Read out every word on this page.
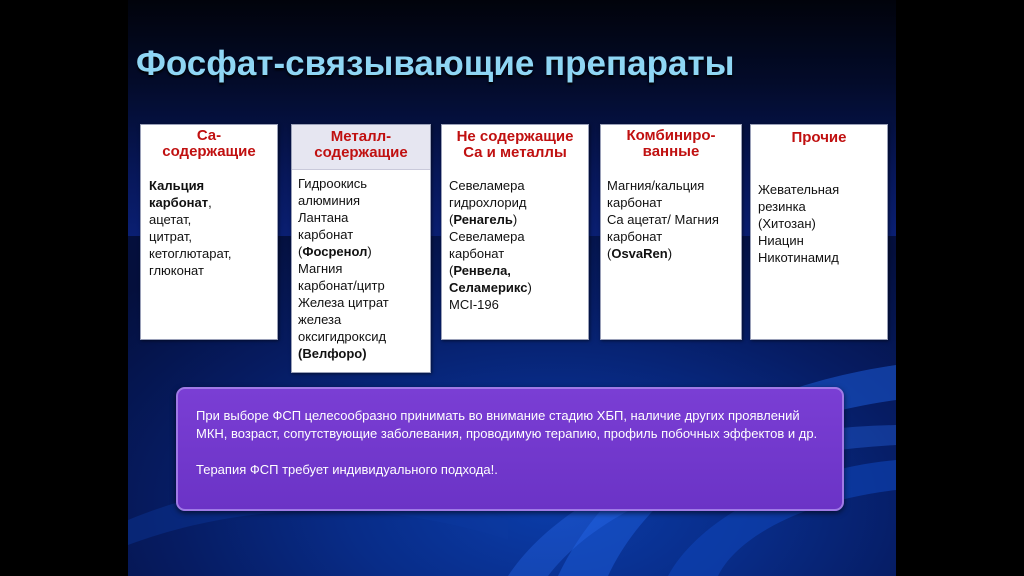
Фосфат-связывающие препараты
Ca-
содержащие
Кальция
карбонат,
ацетат,
цитрат,
кетоглютарат,
глюконат
Металл-
содержащие
Гидроокись
алюминия
Лантана
карбонат
(Фосренол)
Магния
карбонат/цитр
Железа цитрат
железа
оксигидроксид
(Велфоро)
Не содержащие
Ca и металлы
Севеламера
гидрохлорид
(Ренагель)
Севеламера
карбонат
(Ренвела,
Селамерикс)
MCI-196
Комбиниро-
ванные
Магния/кальция
карбонат
Ca ацетат/ Магния
карбонат
(OsvaRen)
Прочие
Жевательная
резинка
(Хитозан)
Ниацин
Никотинамид

При выборе ФСП целесообразно принимать во внимание стадию ХБП, наличие других проявлений МКН, возраст, сопутствующие заболевания, проводимую терапию, профиль побочных эффектов и др.

Терапия ФСП требует индивидуального подхода!.
